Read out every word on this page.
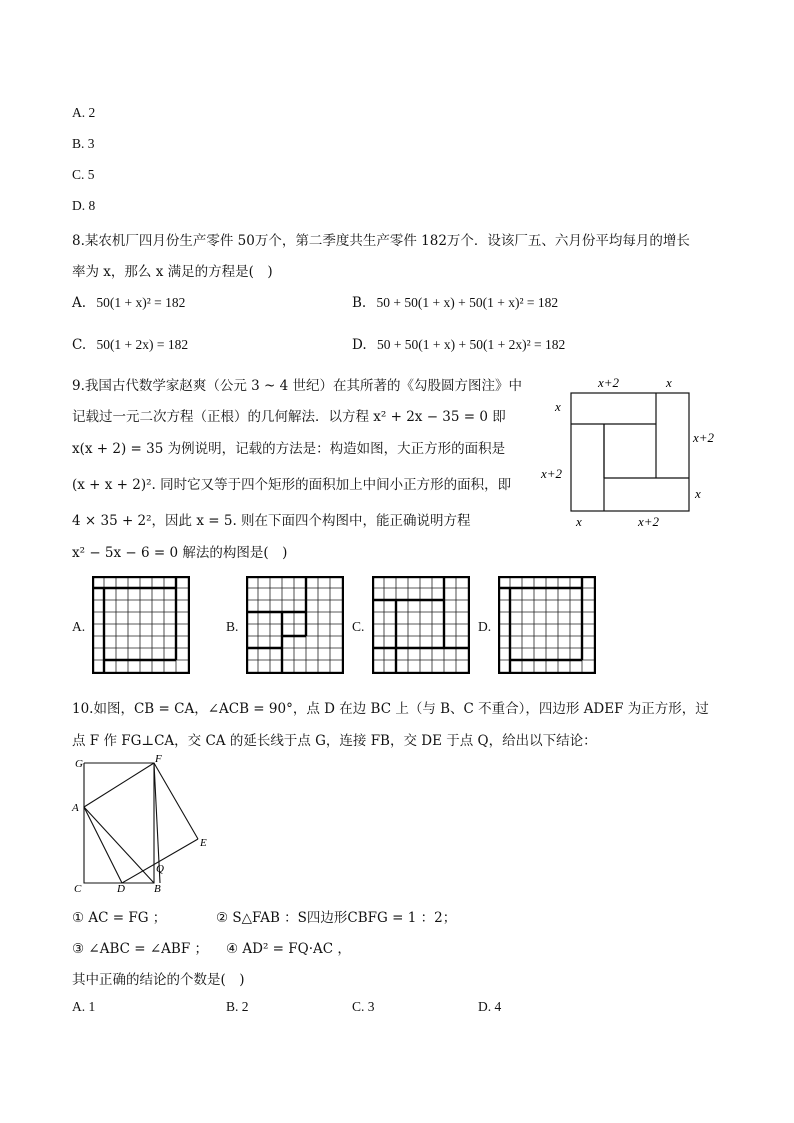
A. 2
B. 3
C. 5
D. 8
8.某农机厂四月份生产零件 50万个，第二季度共生产零件 182万个．设该厂五、六月份平均每月的增长
率为 x，那么 x 满足的方程是(　)
A. 50(1 + x)² = 182	B. 50 + 50(1 + x) + 50(1 + x)² = 182
C. 50(1 + 2x) = 182	D. 50 + 50(1 + x) + 50(1 + 2x)² = 182
9.我国古代数学家赵爽（公元 3 ~ 4 世纪）在其所著的《勾股圆方图注》中
记载过一元二次方程（正根）的几何解法．以方程 x² + 2x − 35 = 0 即
x(x + 2) = 35 为例说明，记载的方法是：构造如图，大正方形的面积是
(x + x + 2)². 同时它又等于四个矩形的面积加上中间小正方形的面积，即
4 × 35 + 2²，因此 x = 5. 则在下面四个构图中，能正确说明方程
x² − 5x − 6 = 0 解法的构图是(　)
x+2	x
x
x+2
x+2
x
x	x+2
A.	B.	C.	D.
10.如图，CB = CA，∠ACB = 90°，点 D 在边 BC 上（与 B、C 不重合），四边形 ADEF 为正方形，过
点 F 作 FG⊥CA，交 CA 的延长线于点 G，连接 FB，交 DE 于点 Q，给出以下结论：
G	F
A
E
Q
C	D	B
① AC = FG ；	② S△FAB ：S四边形CBFG = 1 ：2；
③ ∠ABC = ∠ABF ； ④ AD² = FQ·AC ，
其中正确的结论的个数是(　)
A. 1	B. 2	C. 3	D. 4
